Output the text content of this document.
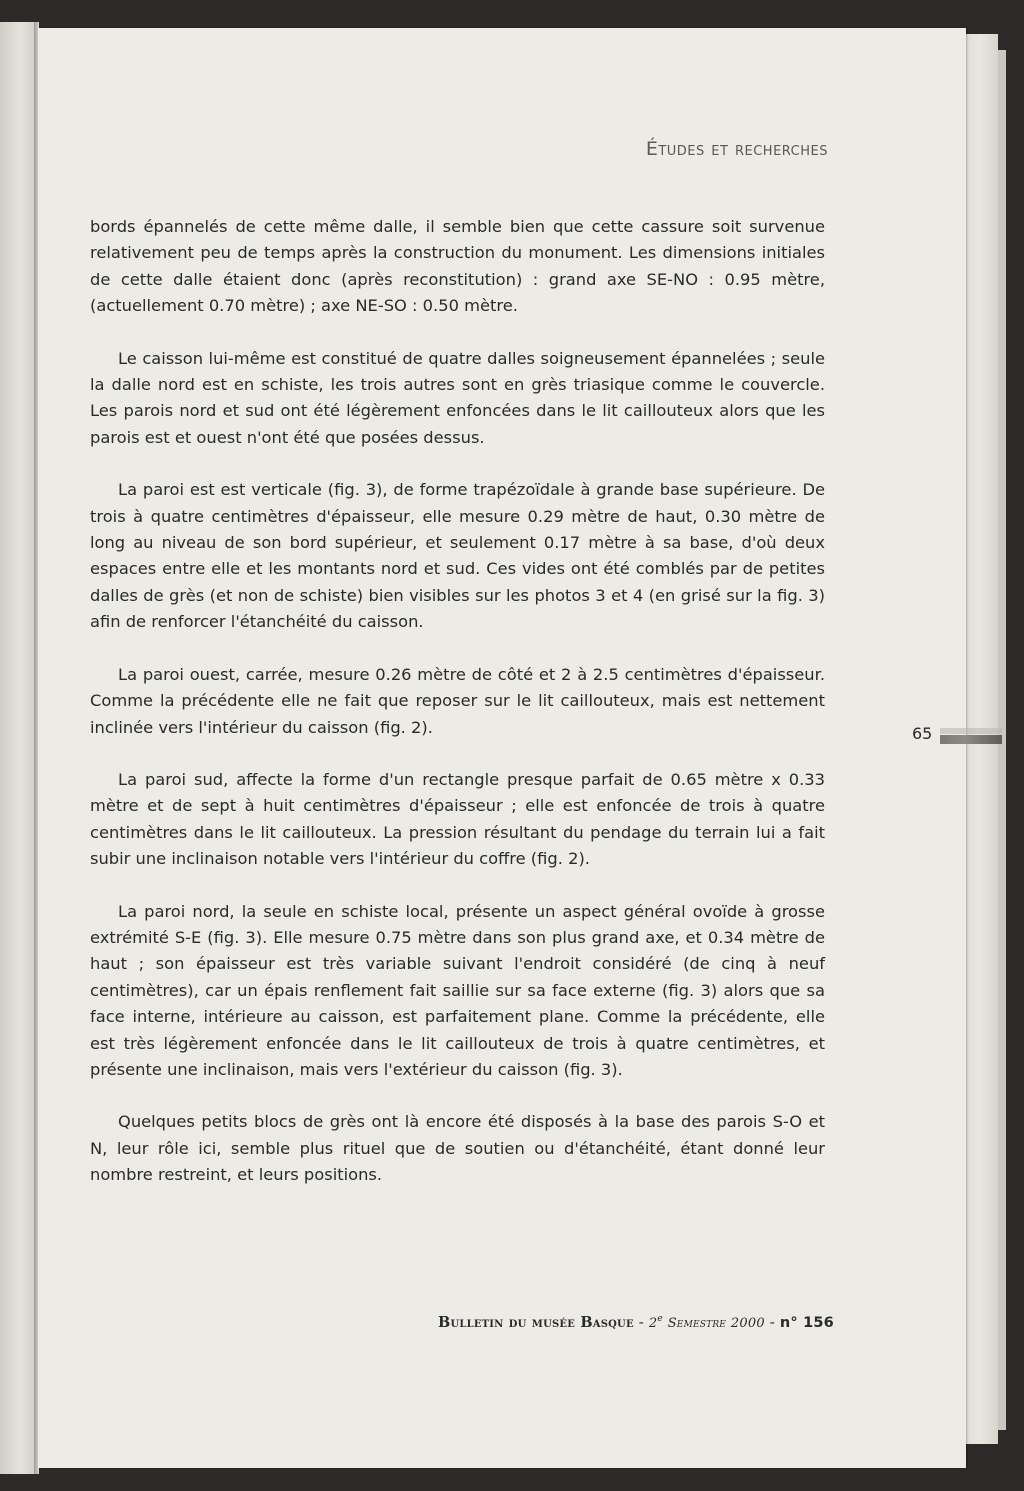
Études et recherches

bords épannelés de cette même dalle, il semble bien que cette cassure soit survenue relativement peu de temps après la construction du monument. Les dimensions initiales de cette dalle étaient donc (après reconstitution) : grand axe SE-NO : 0.95 mètre, (actuellement 0.70 mètre) ; axe NE-SO : 0.50 mètre.

Le caisson lui-même est constitué de quatre dalles soigneusement épannelées ; seule la dalle nord est en schiste, les trois autres sont en grès triasique comme le couvercle. Les parois nord et sud ont été légèrement enfoncées dans le lit caillouteux alors que les parois est et ouest n'ont été que posées dessus.

La paroi est est verticale (fig. 3), de forme trapézoïdale à grande base supérieure. De trois à quatre centimètres d'épaisseur, elle mesure 0.29 mètre de haut, 0.30 mètre de long au niveau de son bord supérieur, et seulement 0.17 mètre à sa base, d'où deux espaces entre elle et les montants nord et sud. Ces vides ont été comblés par de petites dalles de grès (et non de schiste) bien visibles sur les photos 3 et 4 (en grisé sur la fig. 3) afin de renforcer l'étanchéité du caisson.

La paroi ouest, carrée, mesure 0.26 mètre de côté et 2 à 2.5 centimètres d'épaisseur. Comme la précédente elle ne fait que reposer sur le lit caillouteux, mais est nettement inclinée vers l'intérieur du caisson (fig. 2).

La paroi sud, affecte la forme d'un rectangle presque parfait de 0.65 mètre x 0.33 mètre et de sept à huit centimètres d'épaisseur ; elle est enfoncée de trois à quatre centimètres dans le lit caillouteux. La pression résultant du pendage du terrain lui a fait subir une inclinaison notable vers l'intérieur du coffre (fig. 2).

La paroi nord, la seule en schiste local, présente un aspect général ovoïde à grosse extrémité S-E (fig. 3). Elle mesure 0.75 mètre dans son plus grand axe, et 0.34 mètre de haut ; son épaisseur est très variable suivant l'endroit considéré (de cinq à neuf centimètres), car un épais renflement fait saillie sur sa face externe (fig. 3) alors que sa face interne, intérieure au caisson, est parfaitement plane. Comme la précédente, elle est très légèrement enfoncée dans le lit caillouteux de trois à quatre centimètres, et présente une inclinaison, mais vers l'extérieur du caisson (fig. 3).

Quelques petits blocs de grès ont là encore été disposés à la base des parois S-O et N, leur rôle ici, semble plus rituel que de soutien ou d'étanchéité, étant donné leur nombre restreint, et leurs positions.

65
Bulletin du musée Basque - 2e Semestre 2000 - n° 156
